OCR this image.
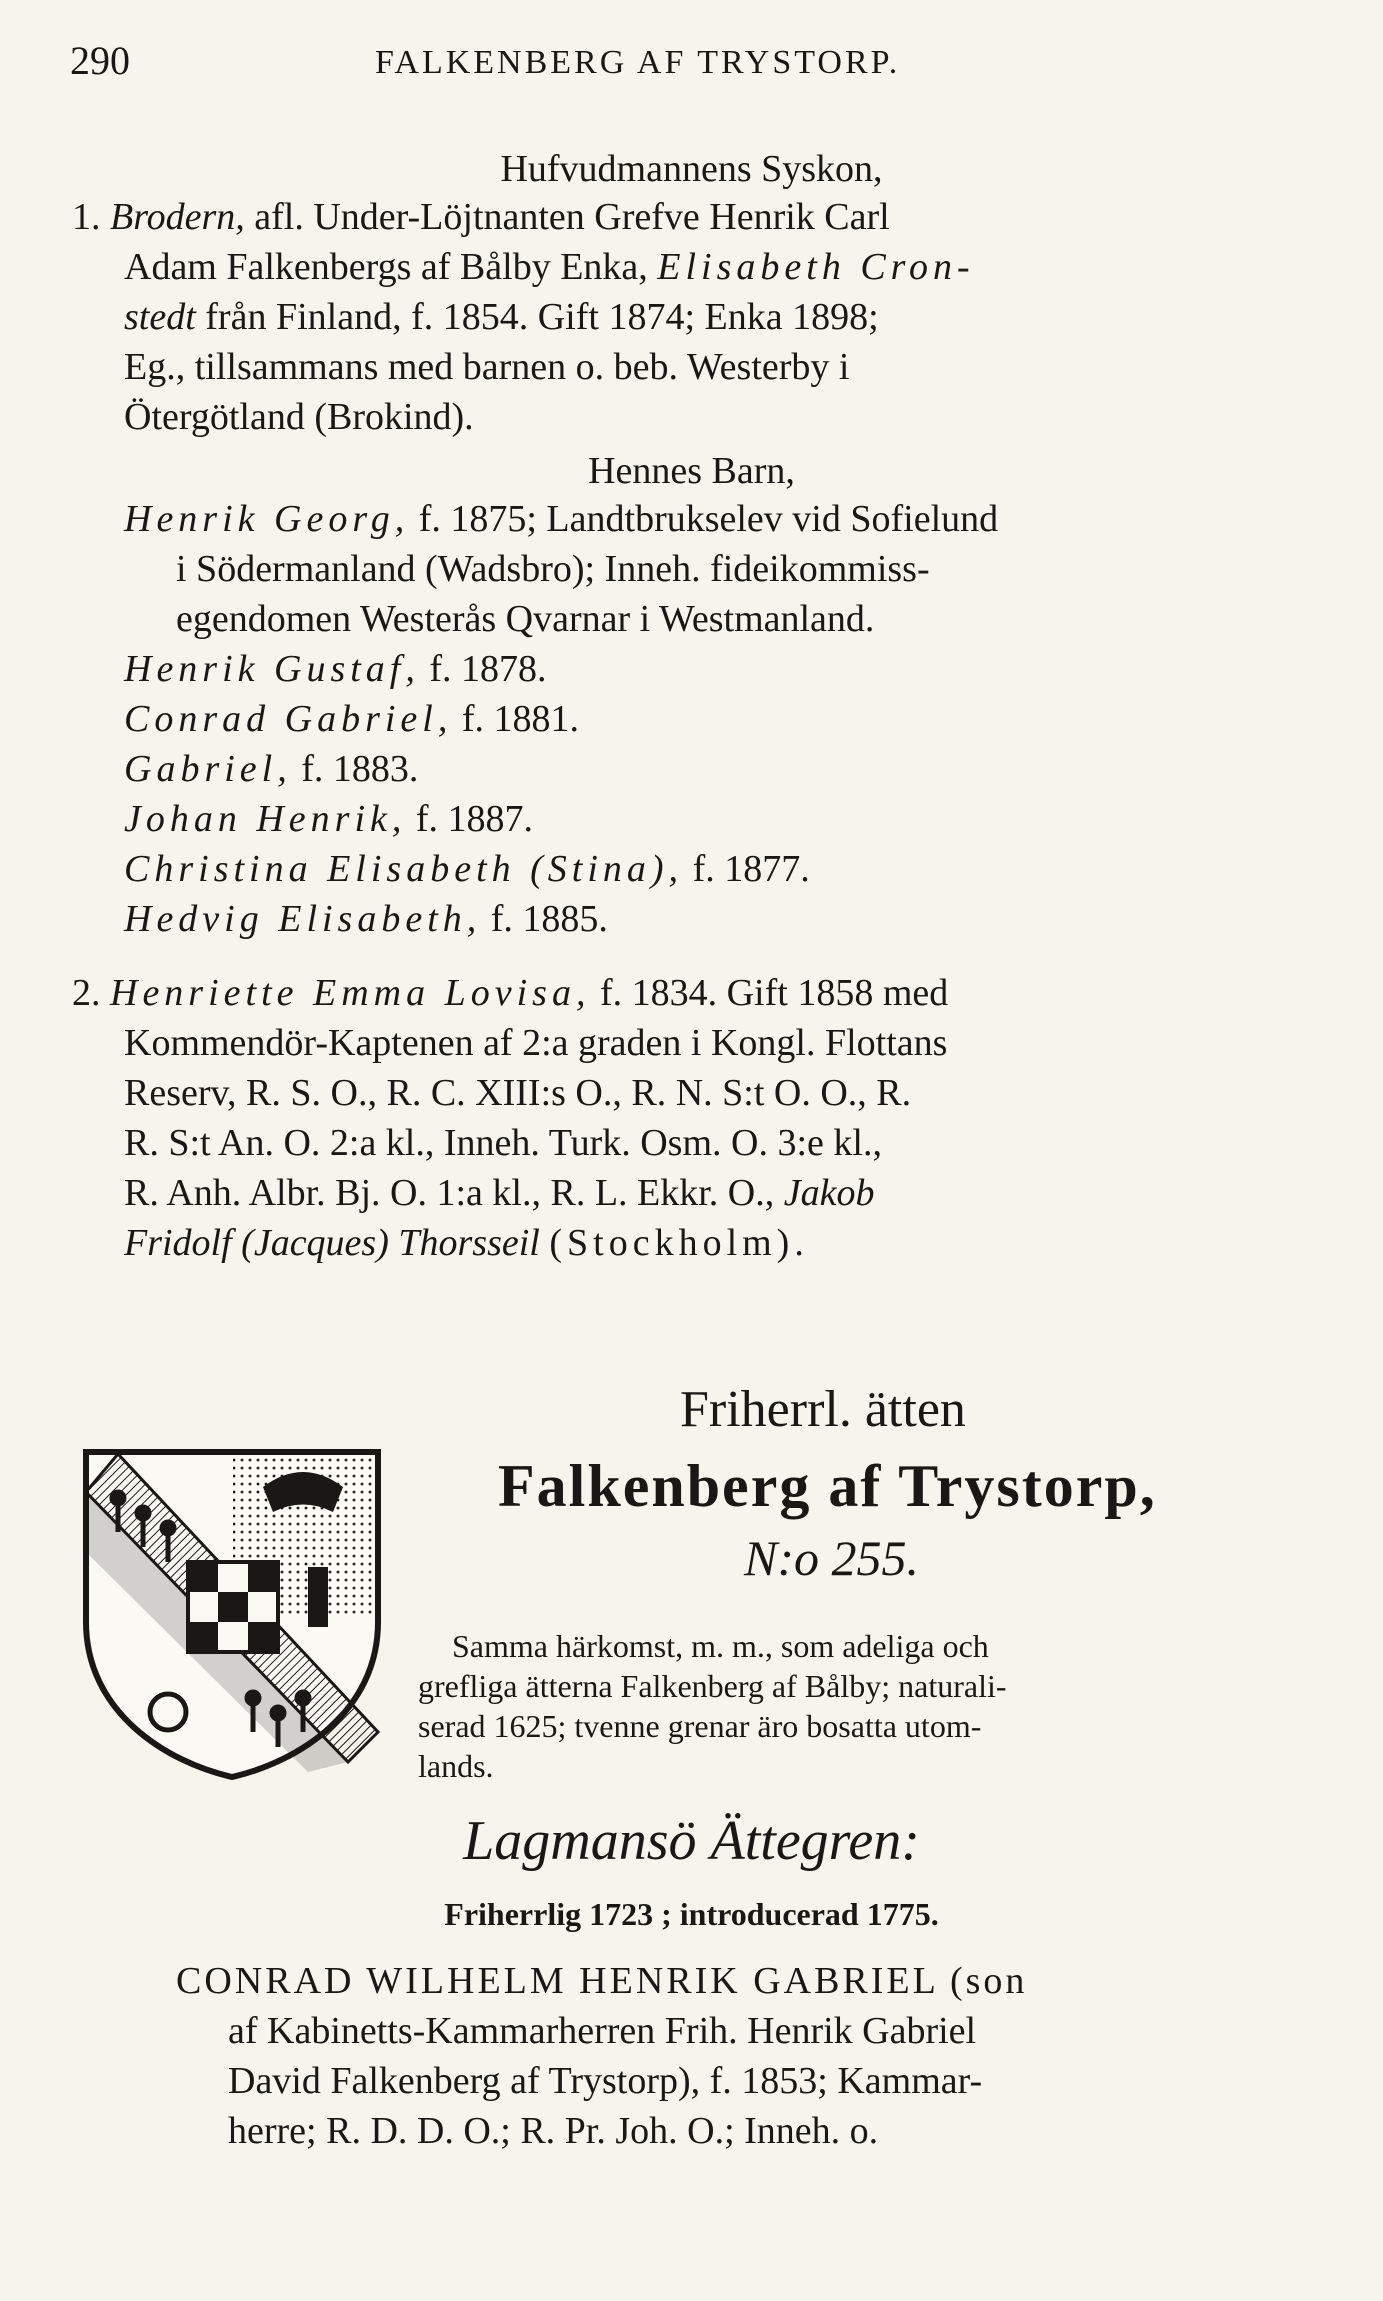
290	FALKENBERG AF TRYSTORP.
Hufvudmannens Syskon,
1. Brodern, afl. Under-Löjtnanten Grefve Henrik Carl
Adam Falkenbergs af Bålby Enka, Elisabeth Cron-
stedt från Finland, f. 1854. Gift 1874; Enka 1898;
Eg., tillsammans med barnen o. beb. Westerby i
Ötergötland (Brokind).
Hennes Barn,
Henrik Georg, f. 1875; Landtbrukselev vid Sofielund
i Södermanland (Wadsbro); Inneh. fideikommiss-
egendomen Westerås Qvarnar i Westmanland.
Henrik Gustaf, f. 1878.
Conrad Gabriel, f. 1881.
Gabriel, f. 1883.
Johan Henrik, f. 1887.
Christina Elisabeth (Stina), f. 1877.
Hedvig Elisabeth, f. 1885.
2. Henriette Emma Lovisa, f. 1834. Gift 1858 med
Kommendör-Kaptenen af 2:a graden i Kongl. Flottans
Reserv, R. S. O., R. C. XIII:s O., R. N. S:t O. O., R.
R. S:t An. O. 2:a kl., Inneh. Turk. Osm. O. 3:e kl.,
R. Anh. Albr. Bj. O. 1:a kl., R. L. Ekkr. O., Jakob
Fridolf (Jacques) Thorsseil (Stockholm).
Friherrl. ätten
Falkenberg af Trystorp,
N:o 255.
Samma härkomst, m. m., som adeliga och
grefliga ätterna Falkenberg af Bålby; naturali-
serad 1625; tvenne grenar äro bosatta utom-
lands.
Lagmansö Ättegren:
Friherrlig 1723 ; introducerad 1775.
CONRAD WILHELM HENRIK GABRIEL (son
af Kabinetts-Kammarherren Frih. Henrik Gabriel
David Falkenberg af Trystorp), f. 1853; Kammar-
herre; R. D. D. O.; R. Pr. Joh. O.; Inneh. o.
